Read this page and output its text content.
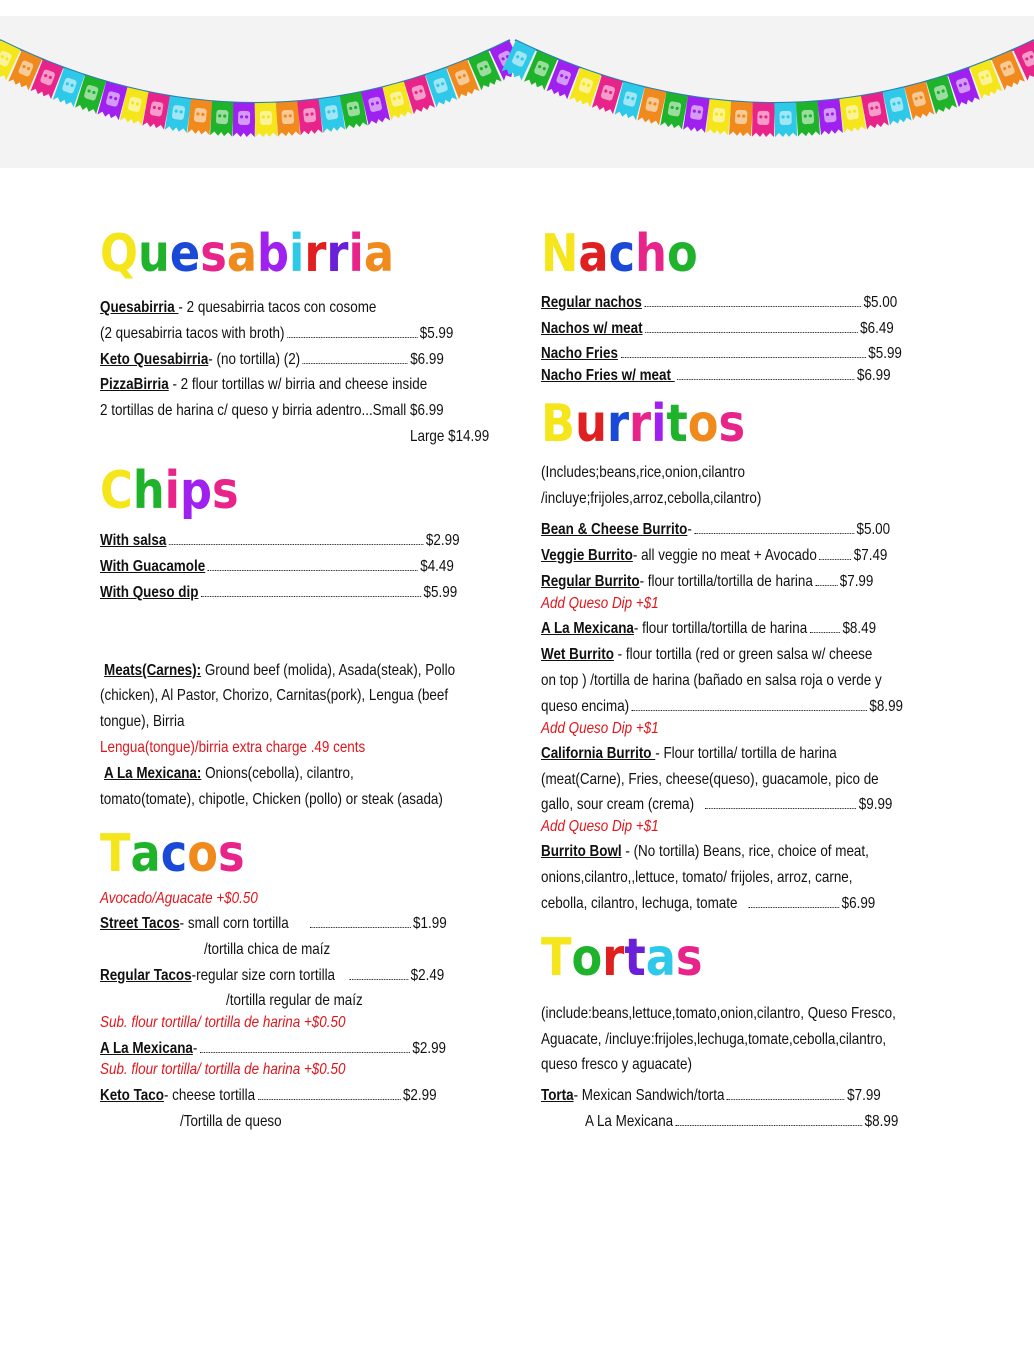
Quesabirria
Quesabirria - 2 quesabirria tacos con cosome
(2 quesabirria tacos with broth)	$5.99
Keto Quesabirria- (no tortilla) (2)	$6.99
PizzaBirria - 2 flour tortillas w/ birria and cheese inside
2 tortillas de harina c/ queso y birria adentro...Small $6.99
Large $14.99
Chips
With salsa	$2.99
With Guacamole	$4.49
With Queso dip	$5.99
Meats(Carnes): Ground beef (molida), Asada(steak), Pollo
(chicken), Al Pastor, Chorizo, Carnitas(pork), Lengua (beef
tongue), Birria
Lengua(tongue)/birria extra charge .49 cents
A La Mexicana: Onions(cebolla), cilantro,
tomato(tomate), chipotle, Chicken (pollo) or steak (asada)
Tacos
Avocado/Aguacate +$0.50
Street Tacos- small corn tortilla	$1.99
/tortilla chica de maíz
Regular Tacos-regular size corn tortilla	$2.49
/tortilla regular de maíz
Sub. flour tortilla/ tortilla de harina +$0.50
A La Mexicana-	$2.99
Sub. flour tortilla/ tortilla de harina +$0.50
Keto Taco- cheese tortilla	$2.99
/Tortilla de queso
Nacho
Regular nachos	$5.00
Nachos w/ meat	$6.49
Nacho Fries	$5.99
Nacho Fries w/ meat	$6.99
Burritos
(Includes;beans,rice,onion,cilantro
/incluye;frijoles,arroz,cebolla,cilantro)
Bean & Cheese Burrito-	$5.00
Veggie Burrito- all veggie no meat + Avocado $7.49
Regular Burrito- flour tortilla/tortilla de harina $7.99
Add Queso Dip +$1
A La Mexicana- flour tortilla/tortilla de harina $8.49
Wet Burrito - flour tortilla (red or green salsa w/ cheese
on top ) /tortilla de harina (bañado en salsa roja o verde y
queso encima)	$8.99
Add Queso Dip +$1
California Burrito - Flour tortilla/ tortilla de harina
(meat(Carne), Fries, cheese(queso), guacamole, pico de
gallo, sour cream (crema)	$9.99
Add Queso Dip +$1
Burrito Bowl - (No tortilla) Beans, rice, choice of meat,
onions,cilantro,,lettuce, tomato/ frijoles, arroz, carne,
cebolla, cilantro, lechuga, tomate	$6.99
Tortas
(include:beans,lettuce,tomato,onion,cilantro, Queso Fresco,
Aguacate, /incluye:frijoles,lechuga,tomate,cebolla,cilantro,
queso fresco y aguacate)
Torta- Mexican Sandwich/torta	$7.99
A La Mexicana	$8.99
